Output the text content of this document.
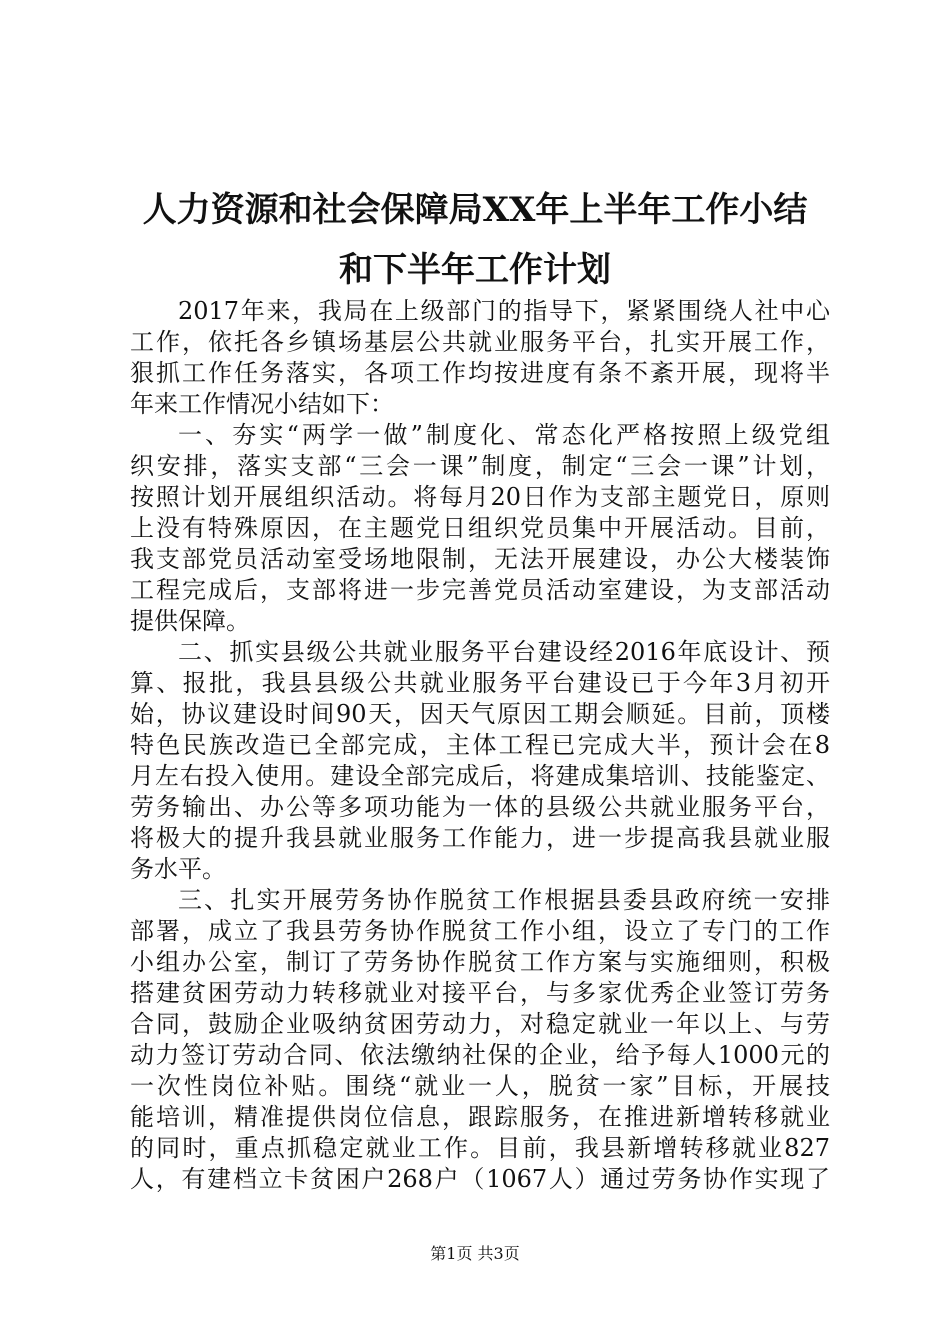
人力资源和社会保障局XX年上半年工作小结
和下半年工作计划
2017年来，我局在上级部门的指导下，紧紧围绕人社中心
工作，依托各乡镇场基层公共就业服务平台，扎实开展工作，
狠抓工作任务落实，各项工作均按进度有条不紊开展，现将半
年来工作情况小结如下：
一、夯实“两学一做”制度化、常态化严格按照上级党组
织安排，落实支部“三会一课”制度，制定“三会一课”计划，
按照计划开展组织活动。将每月20日作为支部主题党日，原则
上没有特殊原因，在主题党日组织党员集中开展活动。目前，
我支部党员活动室受场地限制，无法开展建设，办公大楼装饰
工程完成后，支部将进一步完善党员活动室建设，为支部活动
提供保障。
二、抓实县级公共就业服务平台建设经2016年底设计、预
算、报批，我县县级公共就业服务平台建设已于今年3月初开
始，协议建设时间90天，因天气原因工期会顺延。目前，顶楼
特色民族改造已全部完成，主体工程已完成大半，预计会在8
月左右投入使用。建设全部完成后，将建成集培训、技能鉴定、
劳务输出、办公等多项功能为一体的县级公共就业服务平台，
将极大的提升我县就业服务工作能力，进一步提高我县就业服
务水平。
三、扎实开展劳务协作脱贫工作根据县委县政府统一安排
部署，成立了我县劳务协作脱贫工作小组，设立了专门的工作
小组办公室，制订了劳务协作脱贫工作方案与实施细则，积极
搭建贫困劳动力转移就业对接平台，与多家优秀企业签订劳务
合同，鼓励企业吸纳贫困劳动力，对稳定就业一年以上、与劳
动力签订劳动合同、依法缴纳社保的企业，给予每人1000元的
一次性岗位补贴。围绕“就业一人，脱贫一家”目标，开展技
能培训，精准提供岗位信息，跟踪服务，在推进新增转移就业
的同时，重点抓稳定就业工作。目前，我县新增转移就业827
人，有建档立卡贫困户268户（1067人）通过劳务协作实现了
第1页 共3页
